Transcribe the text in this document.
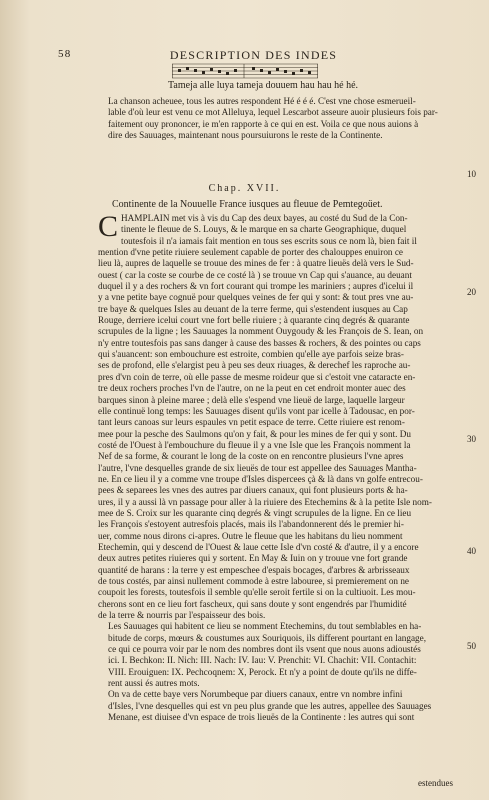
58	DESCRIPTION DES INDES
Tameja alle luya tameja douuem hau hau hé hé.

La chanson acheuee, tous les autres respondent Hé é é é. C'est vne chose esmerueil-
lable d'où leur est venu ce mot Alleluya, lequel Lescarbot asseure auoir plusieurs fois par-
faitement ouy prononcer, ie m'en rapporte à ce qui en est. Voila ce que nous auions à
dire des Sauuages, maintenant nous poursuiurons le reste de la Continente.

Chap. XVII.
Continente de la Nouuelle France iusques au fleuue de Pemtegoüet.

C HAMPLAIN met vis à vis du Cap des deux bayes, au costé du Sud de la Con-
tinente le fleuue de S. Louys, & le marque en sa charte Geographique, duquel
toutesfois il n'a iamais fait mention en tous ses escrits sous ce nom là, bien fait il
mention d'vne petite riuiere seulement capable de porter des chalouppes enuiron ce
lieu là, aupres de laquelle se trouue des mines de fer : à quatre lieuës delà vers le Sud-
ouest ( car la coste se courbe de ce costé là ) se trouue vn Cap qui s'auance, au deuant
duquel il y a des rochers & vn fort courant qui trompe les mariniers ; aupres d'icelui il
y a vne petite baye cognuë pour quelques veines de fer qui y sont: & tout pres vne au-
tre baye & quelques Isles au deuant de la terre ferme, qui s'estendent iusques au Cap
Rouge, derriere icelui court vne fort belle riuiere ; à quarante cinq degrés & quarante
scrupules de la ligne ; les Sauuages la nomment Ouygoudy & les François de S. Iean, on
n'y entre toutesfois pas sans danger à cause des basses & rochers, & des pointes ou caps
qui s'auancent: son embouchure est estroite, combien qu'elle aye parfois seize bras-
ses de profond, elle s'elargist peu à peu ses deux riuages, & derechef les raproche au-
pres d'vn coin de terre, où elle passe de mesme roideur que si c'estoit vne cataracte en-
tre deux rochers proches l'vn de l'autre, on ne la peut en cet endroit monter auec des
barques sinon à pleine maree ; delà elle s'espend vne lieuë de large, laquelle largeur
elle continuë long temps: les Sauuages disent qu'ils vont par icelle à Tadousac, en por-
tant leurs canoas sur leurs espaules vn petit espace de terre. Cette riuiere est renom-
mee pour la pesche des Saulmons qu'on y fait, & pour les mines de fer qui y sont. Du
costé de l'Ouest à l'embouchure du fleuue il y a vne Isle que les François nomment la
Nef de sa forme, & courant le long de la coste on en rencontre plusieurs l'vne apres
l'autre, l'vne desquelles grande de six lieuës de tour est appellee des Sauuages Mantha-
ne. En ce lieu il y a comme vne troupe d'Isles dispercees çà & là dans vn golfe entrecou-
pees & separees les vnes des autres par diuers canaux, qui font plusieurs ports & ha-
ures, il y a aussi là vn passage pour aller à la riuiere des Etechemins & à la petite Isle nom-
mee de S. Croix sur les quarante cinq degrés & vingt scrupules de la ligne. En ce lieu
les François s'estoyent autresfois placés, mais ils l'abandonnerent dés le premier hi-
uer, comme nous dirons ci-apres. Outre le fleuue que les habitans du lieu nomment
Etechemin, qui y descend de l'Ouest & laue cette Isle d'vn costé & d'autre, il y a encore
deux autres petites riuieres qui y sortent. En May & Iuin on y trouue vne fort grande
quantité de harans : la terre y est empeschee d'espais bocages, d'arbres & arbrisseaux
de tous costés, par ainsi nullement commode à estre labouree, si premierement on ne
coupoit les forests, toutesfois il semble qu'elle seroit fertile si on la cultiuoit. Les mou-
cherons sont en ce lieu fort fascheux, qui sans doute y sont engendrés par l'humidité
de la terre & nourris par l'espaisseur des bois.

Les Sauuages qui habitent ce lieu se nomment Etechemins, du tout semblables en ha-
bitude de corps, mœurs & coustumes aux Souriquois, ils different pourtant en langage,
ce qui ce pourra voir par le nom des nombres dont ils vsent que nous auons adioustés
ici. I. Bechkon: II. Nich: III. Nach: IV. Iau: V. Prenchit: VI. Chachit: VII. Contachit:
VIII. Erouiguen: IX. Pechcoqnem: X, Perock. Et n'y a point de doute qu'ils ne diffe-
rent aussi és autres mots.

On va de cette baye vers Norumbeque par diuers canaux, entre vn nombre infini
d'Isles, l'vne desquelles qui est vn peu plus grande que les autres, appellee des Sauuages
Menane, est diuisee d'vn espace de trois lieuës de la Continente : les autres qui sont

10
20
30
40
50
estendues
